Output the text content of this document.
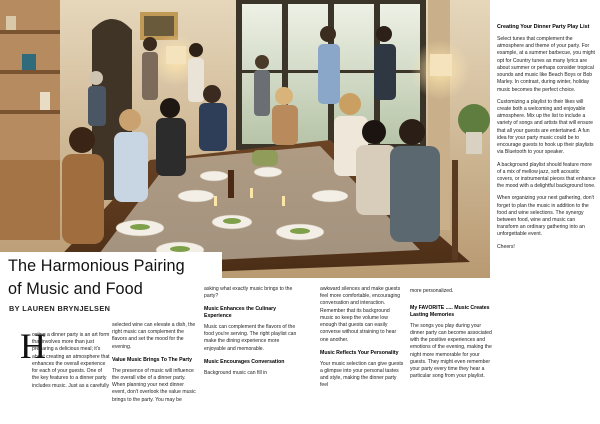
Creating Your Dinner Party Play List

Select tunes that complement the atmosphere and theme of your party. For example, at a summer barbecue, you might opt for Country tunes as many lyrics are about summer or perhaps consider tropical sounds and music like Beach Boys or Bob Marley. In contrast, during winter, holiday music becomes the perfect choice.

Customizing a playlist to their likes will create both a welcoming and enjoyable atmosphere. Mix up the list to include a variety of songs and artists that will ensure that all your guests are entertained. A fun idea for your party music could be to encourage guests to hook up their playlists via Bluetooth to your speaker.

A background playlist should feature more of a mix of mellow jazz, soft acoustic covers, or instrumental pieces that enhance the mood with a delightful background tone.

When organizing your next gathering, don't forget to plan the music in addition to the food and wine selections. The synergy between food, wine and music can transform an ordinary gathering into an unforgettable event.

Cheers!

The Harmonious Pairing
of Music and Food

BY LAUREN BRYNJELSEN

H

osting a dinner party is an art form that involves more than just preparing a delicious meal; it's about creating an atmosphere that enhances the overall experience for each of your guests. One of the key features to a dinner party includes music. Just as a carefully

selected wine can elevate a dish, the right music can complement the flavors and set the mood for the evening.

Value Music Brings To The Party

The presence of music will influence the overall vibe of a dinner party. When planning your next dinner event, don't overlook the value music brings to the party. You may be

asking what exactly music brings to the party?

Music Enhances the Culinary Experience

Music can complement the flavors of the food you're serving. The right playlist can make the dining experience more enjoyable and memorable.

Music Encourages Conversation

Background music can fill in

awkward silences and make guests feel more comfortable, encouraging conversation and interaction. Remember that its background music so keep the volume low enough that guests can easily converse without straining to hear one another.

Music Reflects Your Personality

Your music selection can give guests a glimpse into your personal tastes and style, making the dinner party feel

more personalized.

My FAVORITE ..... Music Creates Lasting Memories

The songs you play during your dinner party can become associated with the positive experiences and emotions of the evening, making the night more memorable for your guests. They might even remember your party every time they hear a particular song from your playlist.
